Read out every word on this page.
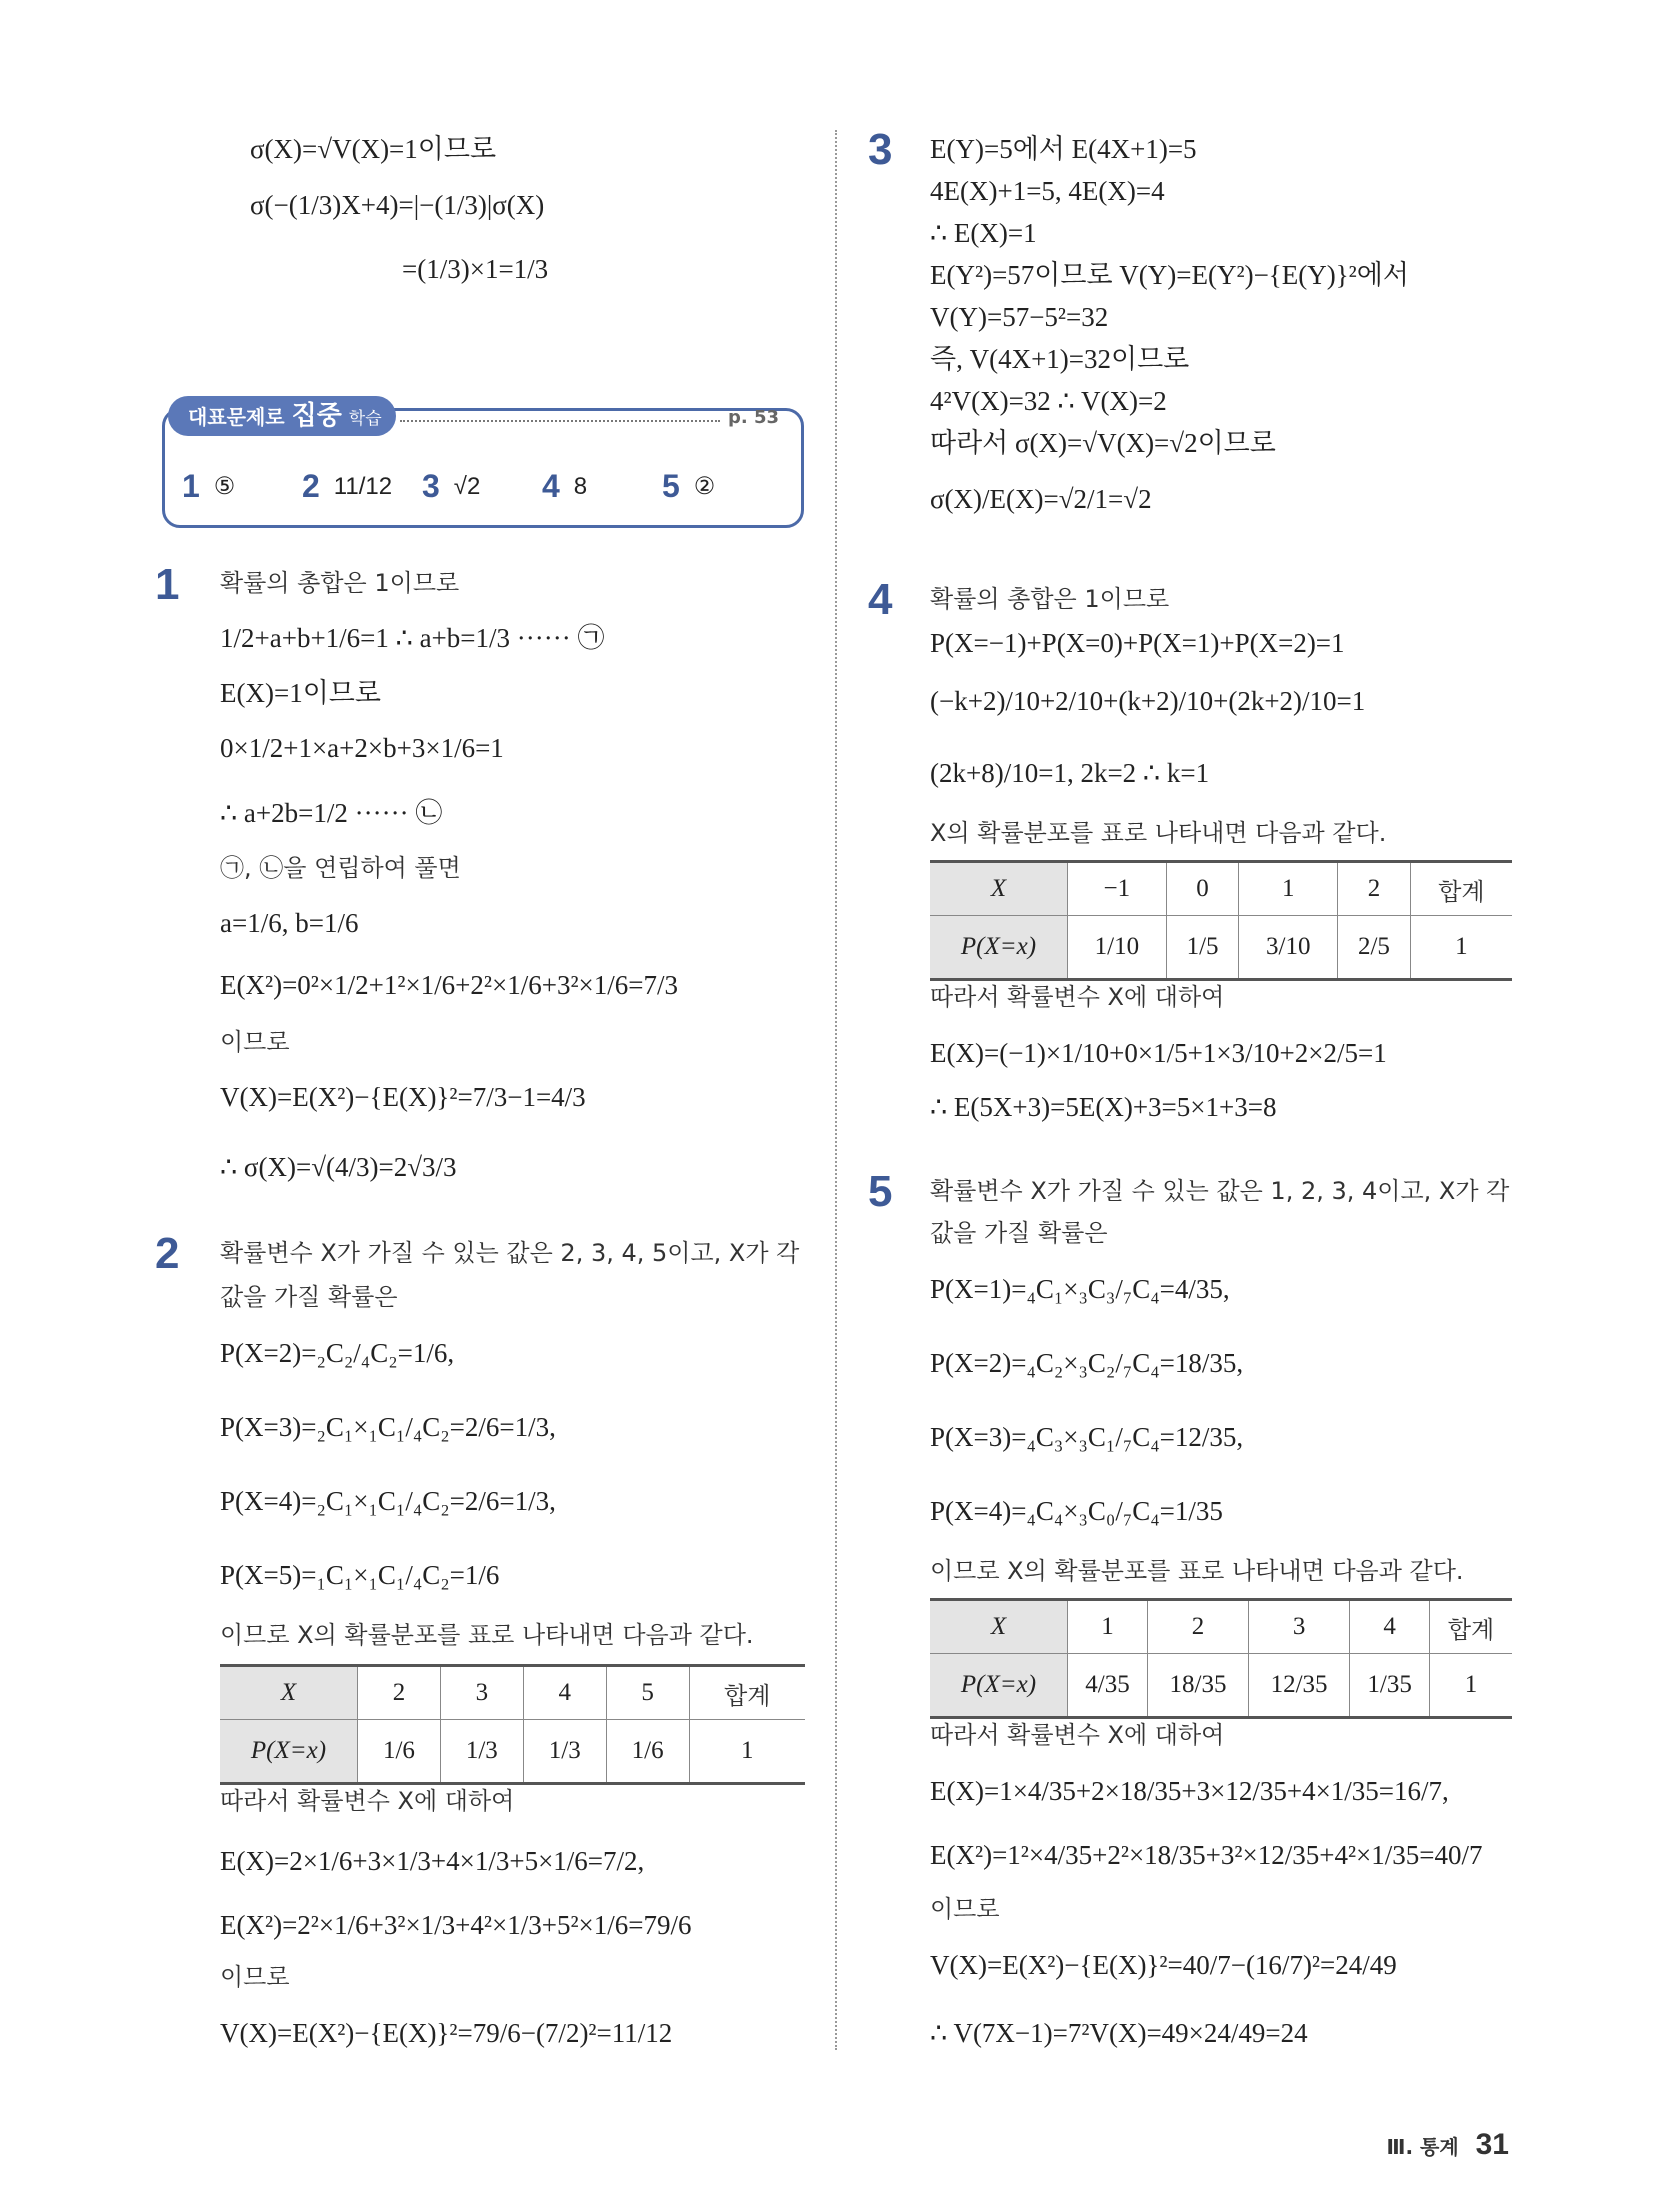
σ(X)=√V(X)=1이므로
σ(−(1/3)X+4)=|−(1/3)|σ(X)
=(1/3)×1=1/3
대표문제로 집중 학습	p. 53
1 ⑤ 2 11/12 3 √2 4 8 5 ②
1 확률의 총합은 1이므로
1/2+a+b+1/6=1 ∴ a+b=1/3 ······ ㉠
E(X)=1이므로
0×1/2+1×a+2×b+3×1/6=1
∴ a+2b=1/2 ······ ㉡
㉠, ㉡을 연립하여 풀면
a=1/6, b=1/6
E(X²)=0²×1/2+1²×1/6+2²×1/6+3²×1/6=7/3
이므로
V(X)=E(X²)−{E(X)}²=7/3−1=4/3
∴ σ(X)=√(4/3)=2√3/3
2 확률변수 X가 가질 수 있는 값은 2, 3, 4, 5이고, X가 각
값을 가질 확률은
P(X=2)=₂C₂/₄C₂=1/6,
P(X=3)=₂C₁×₁C₁/₄C₂=2/6=1/3,
P(X=4)=₂C₁×₁C₁/₄C₂=2/6=1/3,
P(X=5)=₁C₁×₁C₁/₄C₂=1/6
이므로 X의 확률분포를 표로 나타내면 다음과 같다.
X	2	3	4	5	합계
P(X=x)	1/6	1/3	1/3	1/6	1
따라서 확률변수 X에 대하여
E(X)=2×1/6+3×1/3+4×1/3+5×1/6=7/2,
E(X²)=2²×1/6+3²×1/3+4²×1/3+5²×1/6=79/6
이므로
V(X)=E(X²)−{E(X)}²=79/6−(7/2)²=11/12
3 E(Y)=5에서 E(4X+1)=5
4E(X)+1=5, 4E(X)=4
∴ E(X)=1
E(Y²)=57이므로 V(Y)=E(Y²)−{E(Y)}²에서
V(Y)=57−5²=32
즉, V(4X+1)=32이므로
4²V(X)=32 ∴ V(X)=2
따라서 σ(X)=√V(X)=√2이므로
σ(X)/E(X)=√2/1=√2
4 확률의 총합은 1이므로
P(X=−1)+P(X=0)+P(X=1)+P(X=2)=1
(−k+2)/10+2/10+(k+2)/10+(2k+2)/10=1
(2k+8)/10=1, 2k=2 ∴ k=1
X의 확률분포를 표로 나타내면 다음과 같다.
X	−1	0	1	2	합계
P(X=x)	1/10	1/5	3/10	2/5	1
따라서 확률변수 X에 대하여
E(X)=(−1)×1/10+0×1/5+1×3/10+2×2/5=1
∴ E(5X+3)=5E(X)+3=5×1+3=8
5 확률변수 X가 가질 수 있는 값은 1, 2, 3, 4이고, X가 각
값을 가질 확률은
P(X=1)=₄C₁×₃C₃/₇C₄=4/35,
P(X=2)=₄C₂×₃C₂/₇C₄=18/35,
P(X=3)=₄C₃×₃C₁/₇C₄=12/35,
P(X=4)=₄C₄×₃C₀/₇C₄=1/35
이므로 X의 확률분포를 표로 나타내면 다음과 같다.
X	1	2	3	4	합계
P(X=x)	4/35	18/35	12/35	1/35	1
따라서 확률변수 X에 대하여
E(X)=1×4/35+2×18/35+3×12/35+4×1/35=16/7,
E(X²)=1²×4/35+2²×18/35+3²×12/35+4²×1/35=40/7
이므로
V(X)=E(X²)−{E(X)}²=40/7−(16/7)²=24/49
∴ V(7X−1)=7²V(X)=49×24/49=24
Ⅲ. 통계 31
